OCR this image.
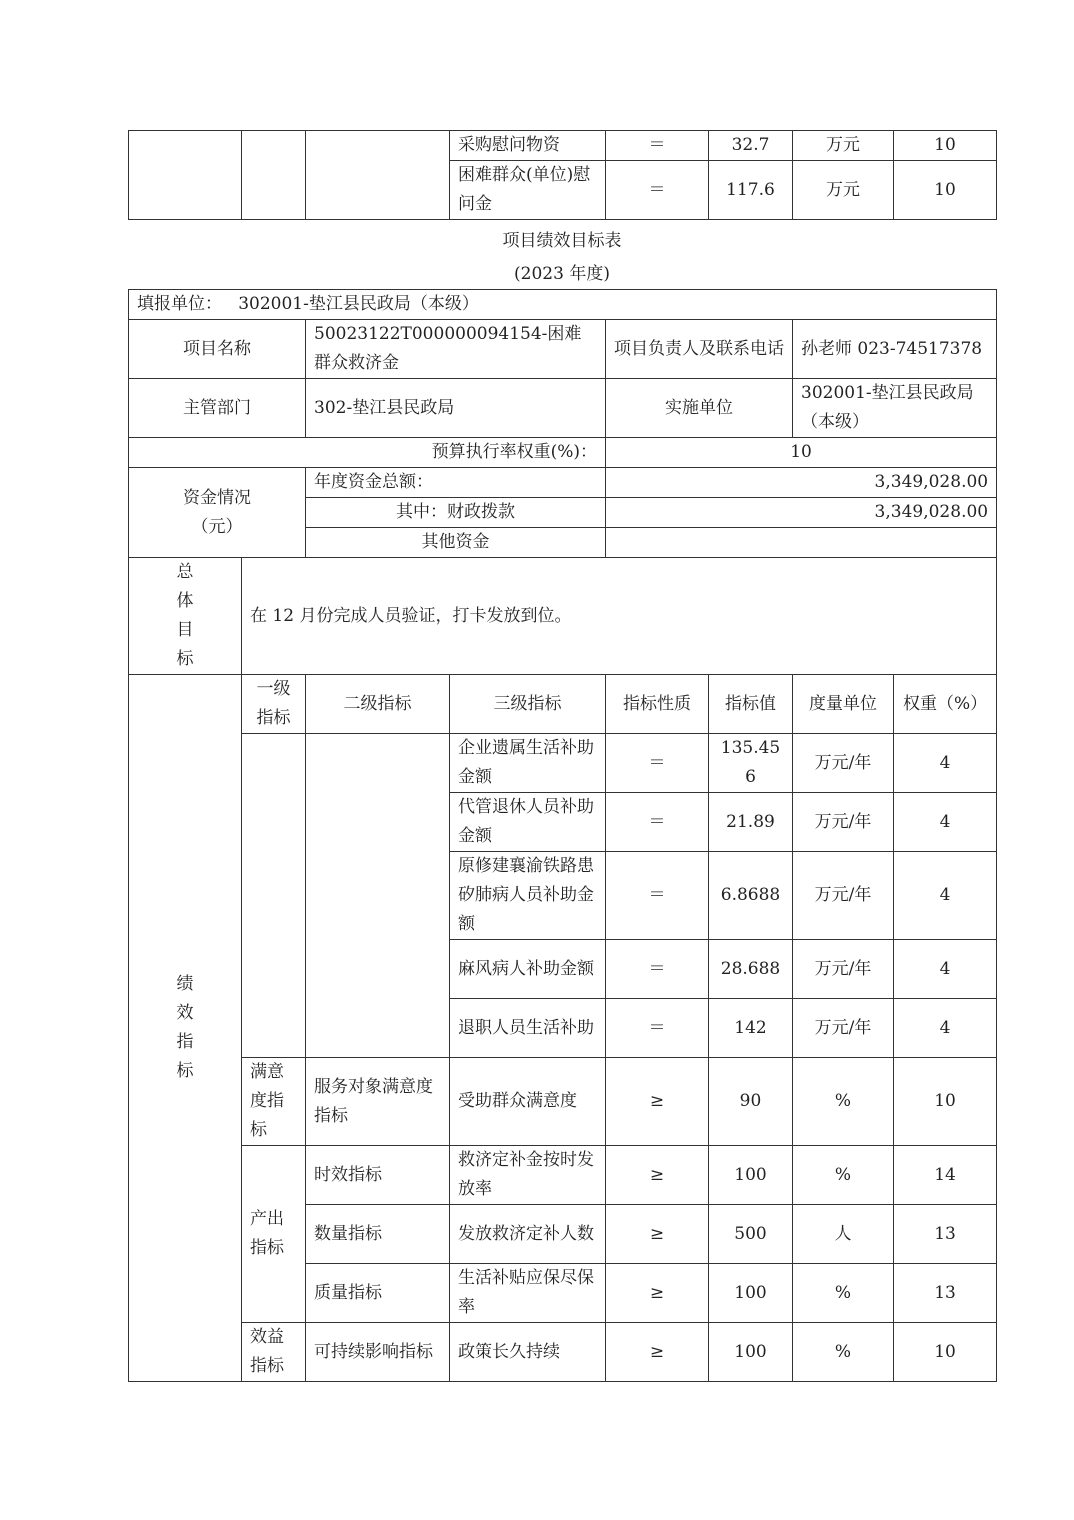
			采购慰问物资	＝	32.7	万元	10
			困难群众(单位)慰问金	＝	117.6	万元	10
项目绩效目标表
(2023 年度)
填报单位： 302001-垫江县民政局（本级）							
项目名称		50023122T000000094154-困难群众救济金		项目负责人及联系电话		孙老师 023-74517378	
主管部门		302-垫江县民政局		实施单位		302001-垫江县民政局（本级）	
预算执行率权重(%)：				10			

资金情况（元）		年度资金总额：		3,349,028.00			
		其中：财政拨款		3,349,028.00			
		其他资金					

总体目标	在 12 月份完成人员验证，打卡发放到位。						

绩效指标	一级指标	二级指标	三级指标	指标性质	指标值	度量单位	权重（%）
			企业遗属生活补助金额	＝	135.456	万元/年	4
			代管退休人员补助金额	＝	21.89	万元/年	4
			原修建襄渝铁路患矽肺病人员补助金额	＝	6.8688	万元/年	4
			麻风病人补助金额	＝	28.688	万元/年	4
			退职人员生活补助	＝	142	万元/年	4
	满意度指标	服务对象满意度指标	受助群众满意度	≥	90	%	10
	产出指标	时效指标	救济定补金按时发放率	≥	100	%	14
		数量指标	发放救济定补人数	≥	500	人	13
		质量指标	生活补贴应保尽保率	≥	100	%	13
	效益指标	可持续影响指标	政策长久持续	≥	100	%	10
